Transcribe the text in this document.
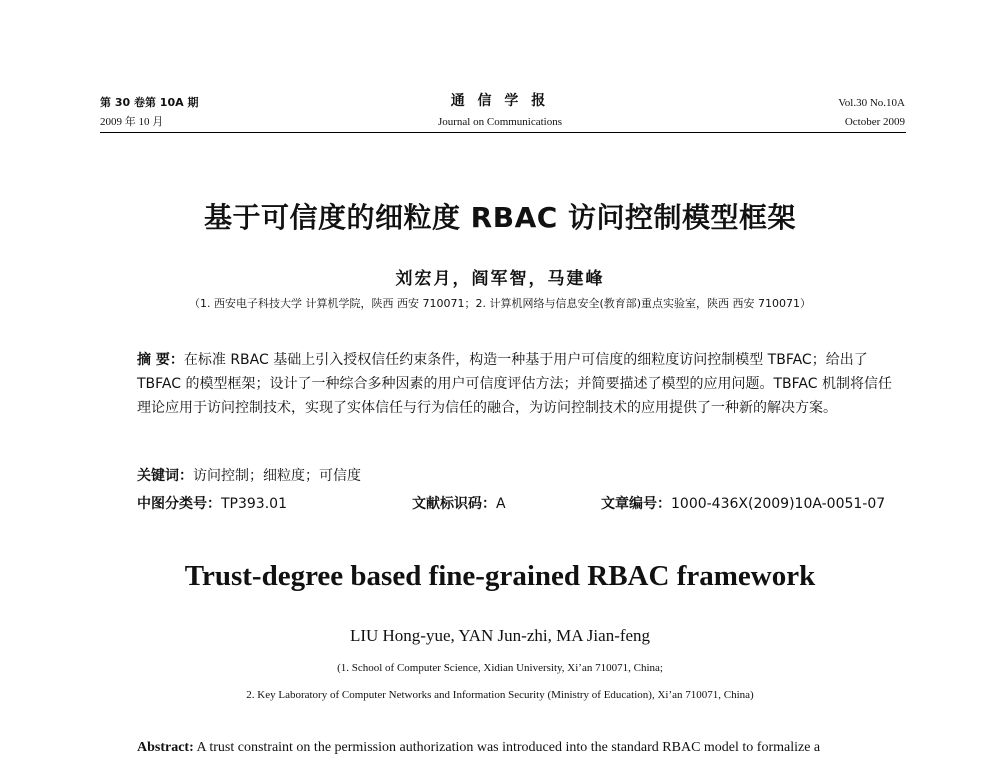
第 30 卷第 10A 期
2009 年 10 月
通 信 学 报
Journal on Communications
Vol.30 No.10A
October 2009
基于可信度的细粒度 RBAC 访问控制模型框架
刘宏月，阎军智，马建峰
（1. 西安电子科技大学 计算机学院，陕西 西安 710071；2. 计算机网络与信息安全(教育部)重点实验室，陕西 西安 710071）
摘 要：在标准 RBAC 基础上引入授权信任约束条件，构造一种基于用户可信度的细粒度访问控制模型 TBFAC；给出了 TBFAC 的模型框架；设计了一种综合多种因素的用户可信度评估方法；并简要描述了模型的应用问题。TBFAC 机制将信任理论应用于访问控制技术，实现了实体信任与行为信任的融合，为访问控制技术的应用提供了一种新的解决方案。
关键词：访问控制；细粒度；可信度
中图分类号：TP393.01	文献标识码：A	文章编号：1000-436X(2009)10A-0051-07
Trust-degree based fine-grained RBAC framework
LIU Hong-yue, YAN Jun-zhi, MA Jian-feng
(1. School of Computer Science, Xidian University, Xi’an 710071, China;
2. Key Laboratory of Computer Networks and Information Security (Ministry of Education), Xi’an 710071, China)
Abstract: A trust constraint on the permission authorization was introduced into the standard RBAC model to formalize a
